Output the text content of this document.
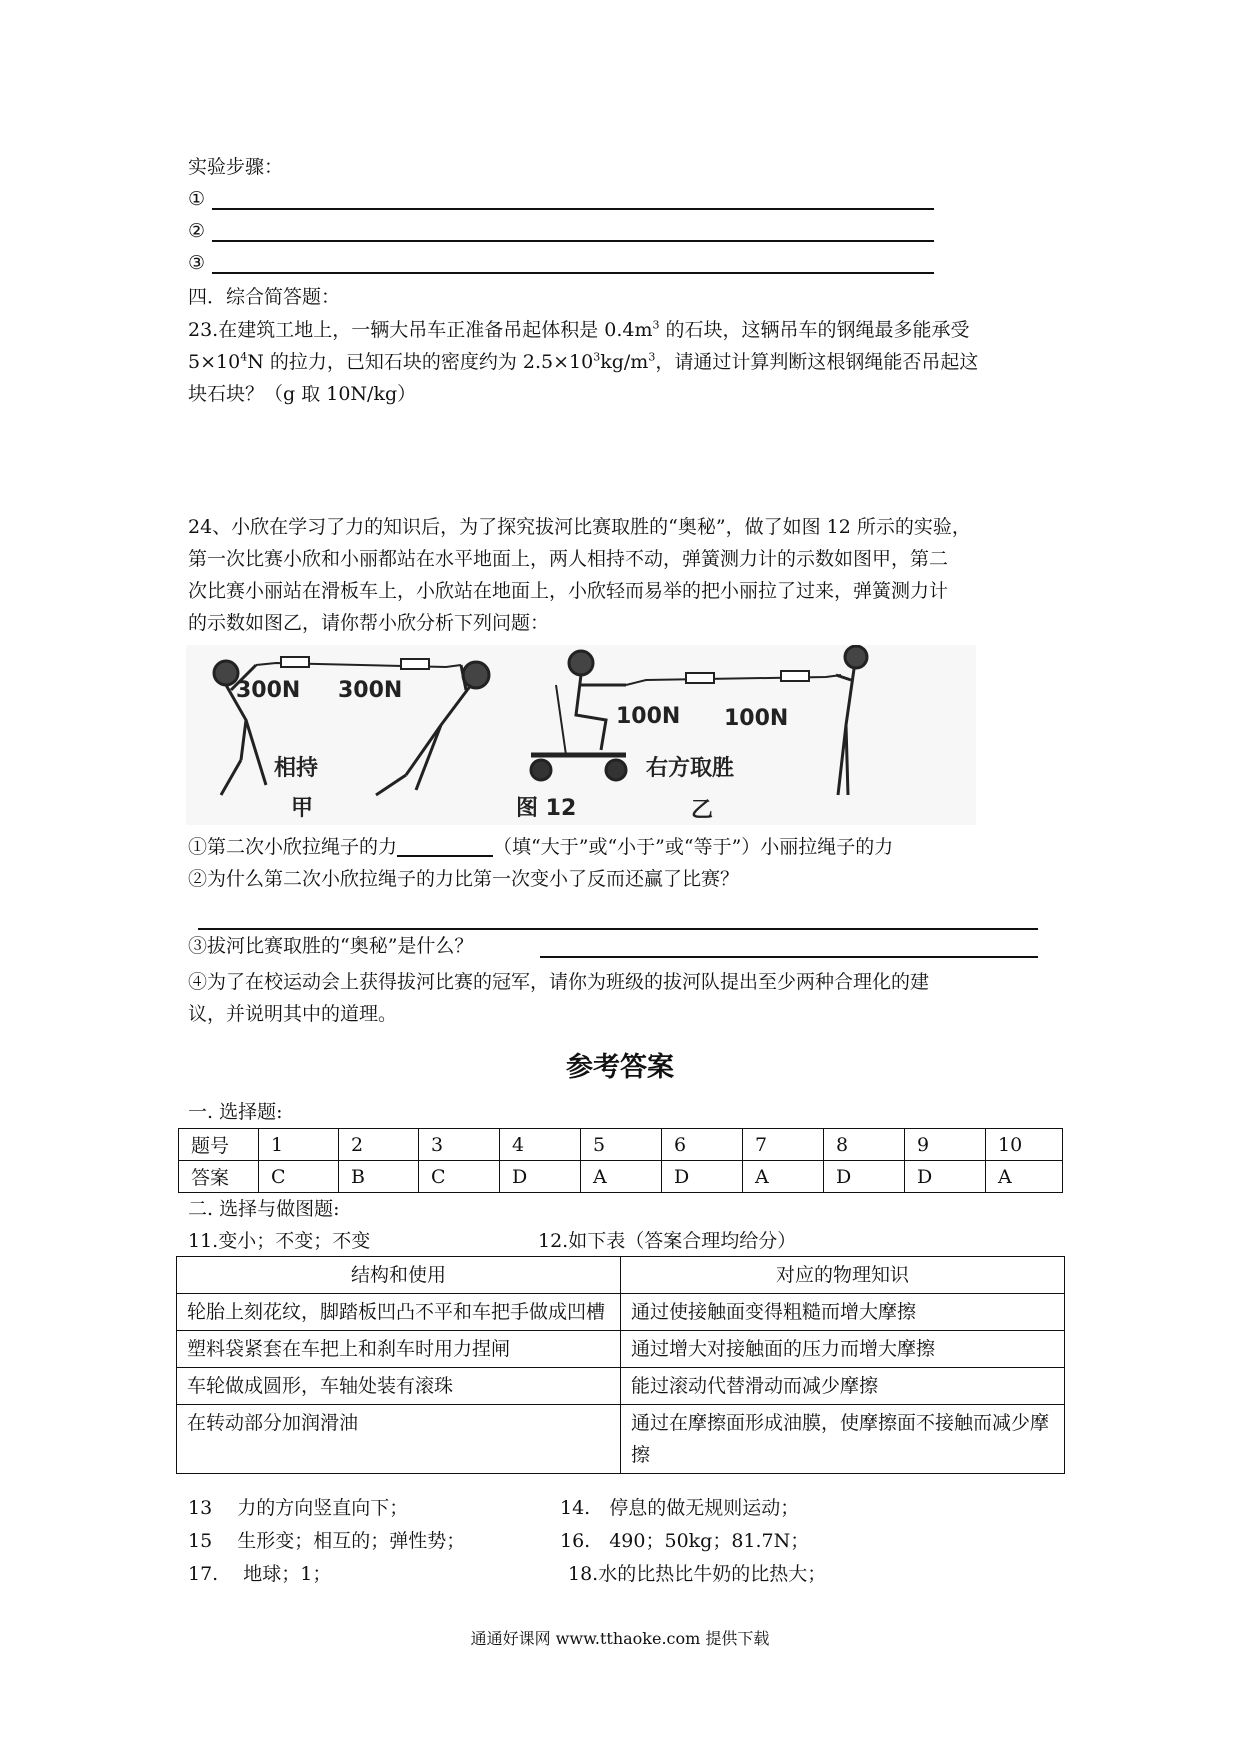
实验步骤：
①
②
③
四．综合简答题：
23.在建筑工地上，一辆大吊车正准备吊起体积是 $0.4m^3$ 的石块，这辆吊车的钢绳最多能承受
$5\times 10^4N$ 的拉力，已知石块的密度约为 $2.5\times 10^3kg/m^3$，请通过计算判断这根钢绳能否吊起这
块石块？（g 取 10N/kg）
24、小欣在学习了力的知识后，为了探究拔河比赛取胜的“奥秘”，做了如图 12 所示的实验，
第一次比赛小欣和小丽都站在水平地面上，两人相持不动，弹簧测力计的示数如图甲，第二
次比赛小丽站在滑板车上，小欣站在地面上，小欣轻而易举的把小丽拉了过来，弹簧测力计
的示数如图乙，请你帮小欣分析下列问题：
300N 300N
相持
甲	图 12
100N 100N
右方取胜
乙
①第二次小欣拉绳子的力	（填“大于”或“小于”或“等于”）小丽拉绳子的力
②为什么第二次小欣拉绳子的力比第一次变小了反而还赢了比赛？
③拔河比赛取胜的“奥秘”是什么？
④为了在校运动会上获得拔河比赛的冠军，请你为班级的拔河队提出至少两种合理化的建
议，并说明其中的道理。
参考答案
一. 选择题:
题号	1	2	3	4	5	6	7	8	9	10
答案	C	B	C	D	A	D	A	D	D	A
二. 选择与做图题:
11.变小；不变；不变	12.如下表（答案合理均给分）
结构和使用	对应的物理知识
轮胎上刻花纹，脚踏板凹凸不平和车把手做成凹槽	通过使接触面变得粗糙而增大摩擦
塑料袋紧套在车把上和刹车时用力捏闸	通过增大对接触面的压力而增大摩擦
车轮做成圆形，车轴处装有滚珠	能过滚动代替滑动而减少摩擦
在转动部分加润滑油	通过在摩擦面形成油膜，使摩擦面不接触而减少摩擦
13　 力的方向竖直向下；	14.　停息的做无规则运动；
15　 生形变；相互的；弹性势；	16.　490；50kg；81.7N；
17.　 地球；1；	18.水的比热比牛奶的比热大；
通通好课网 www.tthaoke.com 提供下载
